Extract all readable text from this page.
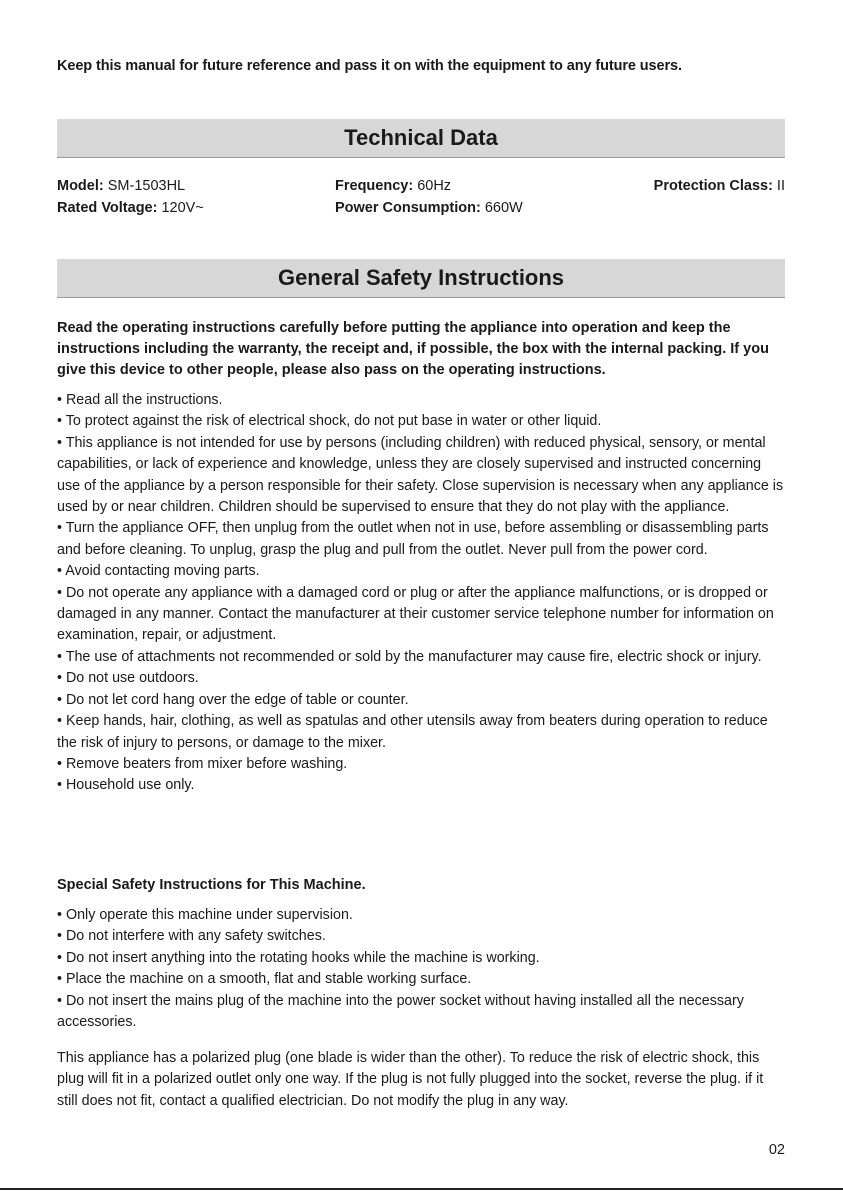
Keep this manual for future reference and pass it on with the equipment to any future users.
Technical Data
Model: SM-1503HL	Frequency: 60Hz	Protection Class: II
Rated Voltage: 120V~	Power Consumption: 660W
General Safety Instructions

Read the operating instructions carefully before putting the appliance into operation and keep the instructions including the warranty, the receipt and, if possible, the box with the internal packing. If you give this device to other people, please also pass on the operating instructions.

• Read all the instructions.

• To protect against the risk of electrical shock, do not put base in water or other liquid.

• This appliance is not intended for use by persons (including children) with reduced physical, sensory, or mental capabilities, or lack of experience and knowledge, unless they are closely supervised and instructed concerning use of the appliance by a person responsible for their safety. Close supervision is necessary when any appliance is used by or near children. Children should be supervised to ensure that they do not play with the appliance.

• Turn the appliance OFF, then unplug from the outlet when not in use, before assembling or disassembling parts and before cleaning. To unplug, grasp the plug and pull from the outlet. Never pull from the power cord.

• Avoid contacting moving parts.

• Do not operate any appliance with a damaged cord or plug or after the appliance malfunctions, or is dropped or damaged in any manner. Contact the manufacturer at their customer service telephone number for information on examination, repair, or adjustment.

• The use of attachments not recommended or sold by the manufacturer may cause fire, electric shock or injury.

• Do not use outdoors.

• Do not let cord hang over the edge of table or counter.

• Keep hands, hair, clothing, as well as spatulas and other utensils away from beaters during operation to reduce the risk of injury to persons, or damage to the mixer.

• Remove beaters from mixer before washing.

• Household use only.

Special Safety Instructions for This Machine.

• Only operate this machine under supervision.

• Do not interfere with any safety switches.

• Do not insert anything into the rotating hooks while the machine is working.

• Place the machine on a smooth, flat and stable working surface.

• Do not insert the mains plug of the machine into the power socket without having installed all the necessary accessories.

This appliance has a polarized plug (one blade is wider than the other). To reduce the risk of electric shock, this plug will fit in a polarized outlet only one way. If the plug is not fully plugged into the socket, reverse the plug. if it still does not fit, contact a qualified electrician. Do not modify the plug in any way.

02
